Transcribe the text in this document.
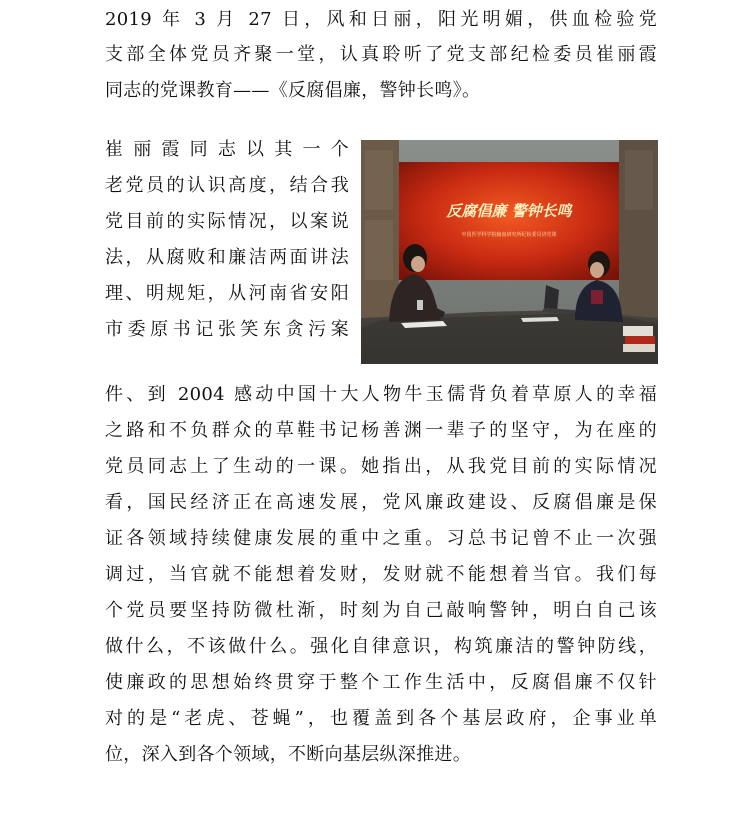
2019 年 3 月 27 日，风和日丽，阳光明媚，供血检验党
支部全体党员齐聚一堂，认真聆听了党支部纪检委员崔丽霞
同志的党课教育——《反腐倡廉，警钟长鸣》。
崔丽霞同志以其一个
老党员的认识高度，结合我
党目前的实际情况，以案说
法，从腐败和廉洁两面讲法
理、明规矩，从河南省安阳
市委原书记张笑东贪污案
件、到 2004 感动中国十大人物牛玉儒背负着草原人的幸福
之路和不负群众的草鞋书记杨善渊一辈子的坚守，为在座的
党员同志上了生动的一课。她指出，从我党目前的实际情况
看，国民经济正在高速发展，党风廉政建设、反腐倡廉是保
证各领域持续健康发展的重中之重。习总书记曾不止一次强
调过，当官就不能想着发财，发财就不能想着当官。我们每
个党员要坚持防微杜渐，时刻为自己敲响警钟，明白自己该
做什么，不该做什么。强化自律意识，构筑廉洁的警钟防线，
使廉政的思想始终贯穿于整个工作生活中，反腐倡廉不仅针
对的是“老虎、苍蝇”，也覆盖到各个基层政府，企事业单
位，深入到各个领域，不断向基层纵深推进。
反腐倡廉 警钟长鸣
中国医学科学院输血研究所纪检委员讲党课
